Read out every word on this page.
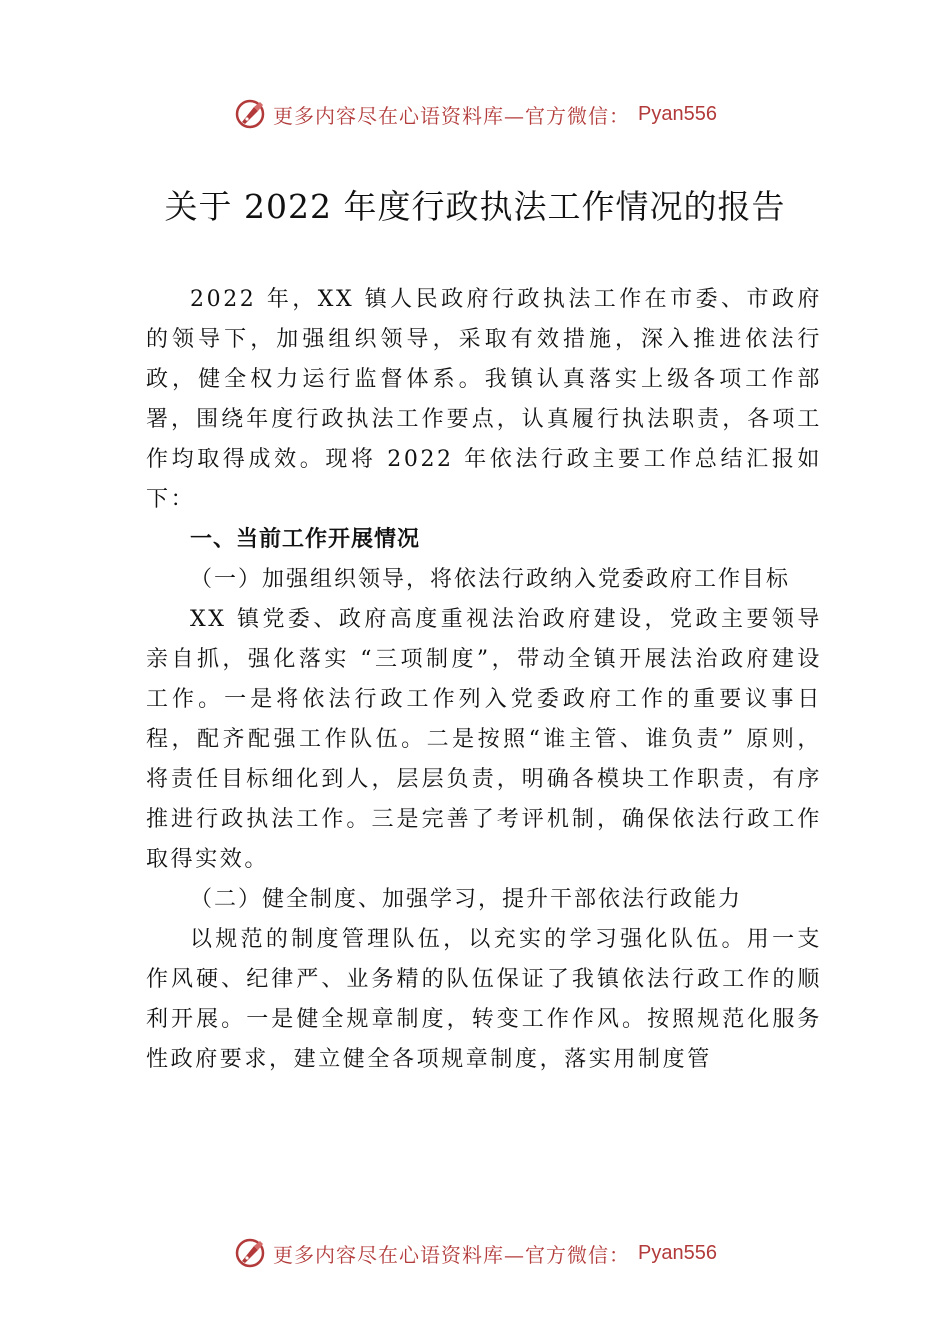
更多内容尽在心语资料库—官方微信： Pyan556
关于 2022 年度行政执法工作情况的报告

2022 年，XX 镇人民政府行政执法工作在市委、市政府的领导下，加强组织领导，采取有效措施，深入推进依法行政，健全权力运行监督体系。我镇认真落实上级各项工作部署，围绕年度行政执法工作要点，认真履行执法职责，各项工作均取得成效。现将 2022 年依法行政主要工作总结汇报如下：

一、当前工作开展情况

（一）加强组织领导，将依法行政纳入党委政府工作目标

XX 镇党委、政府高度重视法治政府建设，党政主要领导亲自抓，强化落实 “三项制度”，带动全镇开展法治政府建设工作。一是将依法行政工作列入党委政府工作的重要议事日程，配齐配强工作队伍。二是按照“谁主管、谁负责” 原则，将责任目标细化到人，层层负责，明确各模块工作职责，有序推进行政执法工作。三是完善了考评机制，确保依法行政工作取得实效。

（二）健全制度、加强学习，提升干部依法行政能力

以规范的制度管理队伍，以充实的学习强化队伍。用一支作风硬、纪律严、业务精的队伍保证了我镇依法行政工作的顺利开展。一是健全规章制度，转变工作作风。按照规范化服务性政府要求，建立健全各项规章制度，落实用制度管

更多内容尽在心语资料库—官方微信： Pyan556
